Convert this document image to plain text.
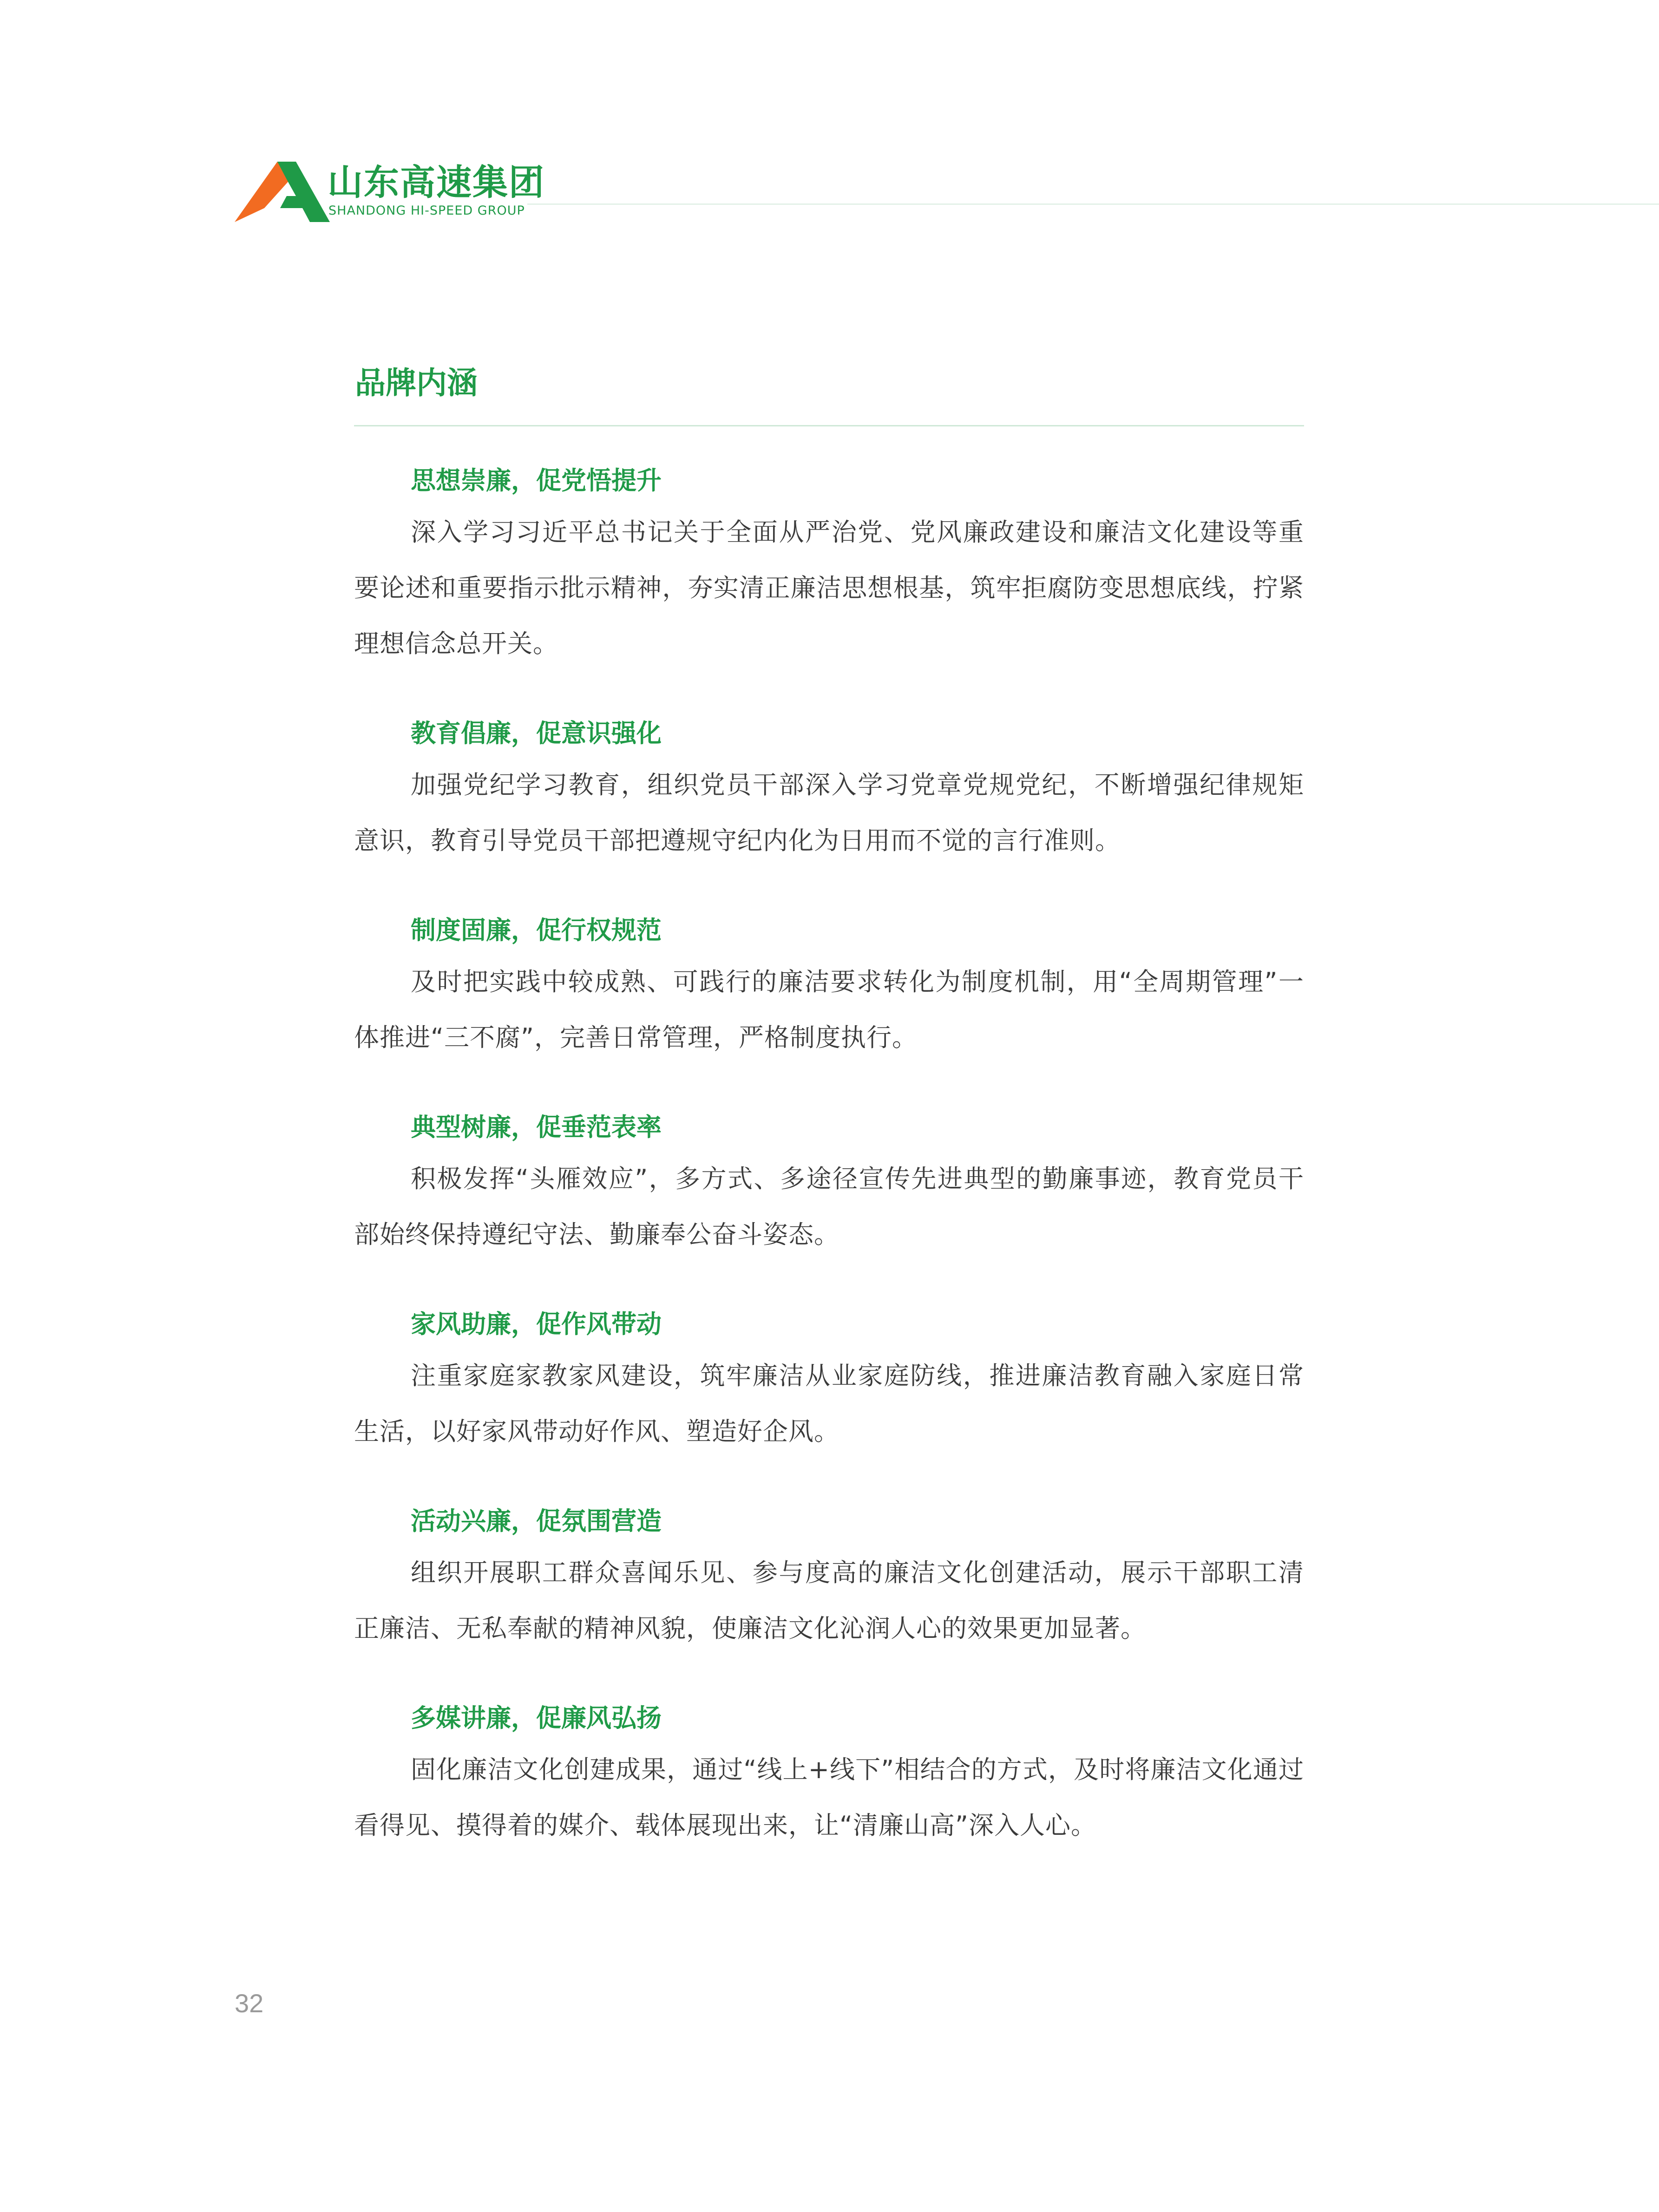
山东高速集团
SHANDONG HI-SPEED GROUP
品牌内涵

思想崇廉，促党悟提升

深入学习习近平总书记关于全面从严治党、党风廉政建设和廉洁文化建设等重要论述和重要指示批示精神，夯实清正廉洁思想根基，筑牢拒腐防变思想底线，拧紧理想信念总开关。

教育倡廉，促意识强化

加强党纪学习教育，组织党员干部深入学习党章党规党纪，不断增强纪律规矩意识，教育引导党员干部把遵规守纪内化为日用而不觉的言行准则。

制度固廉，促行权规范

及时把实践中较成熟、可践行的廉洁要求转化为制度机制，用“全周期管理”一体推进“三不腐”，完善日常管理，严格制度执行。

典型树廉，促垂范表率

积极发挥“头雁效应”，多方式、多途径宣传先进典型的勤廉事迹，教育党员干部始终保持遵纪守法、勤廉奉公奋斗姿态。

家风助廉，促作风带动

注重家庭家教家风建设，筑牢廉洁从业家庭防线，推进廉洁教育融入家庭日常生活，以好家风带动好作风、塑造好企风。

活动兴廉，促氛围营造

组织开展职工群众喜闻乐见、参与度高的廉洁文化创建活动，展示干部职工清正廉洁、无私奉献的精神风貌，使廉洁文化沁润人心的效果更加显著。

多媒讲廉，促廉风弘扬

固化廉洁文化创建成果，通过“线上+线下”相结合的方式，及时将廉洁文化通过看得见、摸得着的媒介、载体展现出来，让“清廉山高”深入人心。

32
